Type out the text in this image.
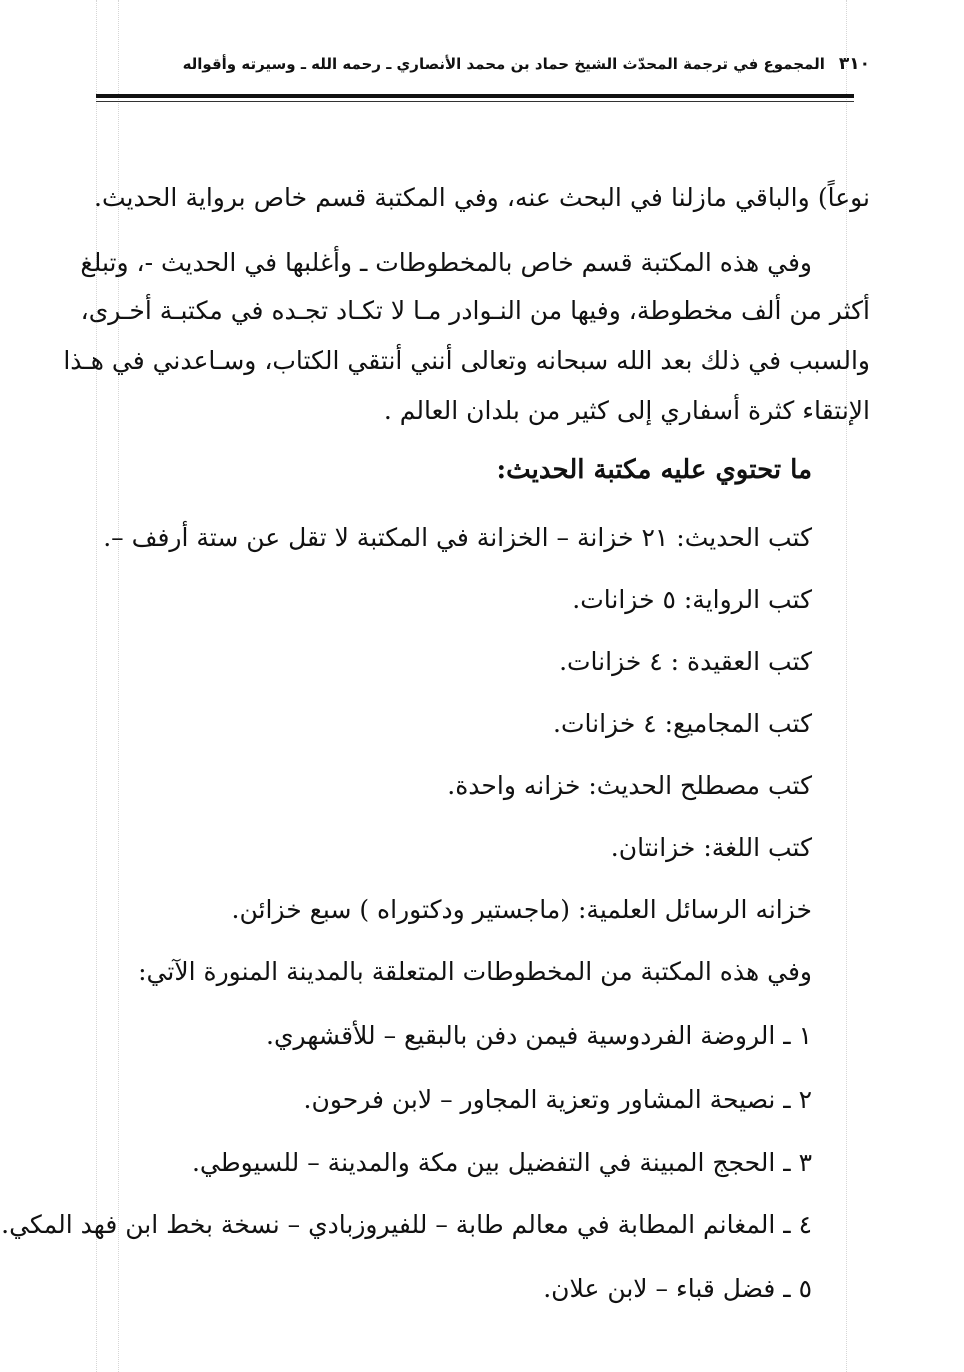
٣١٠
المجموع في ترجمة المحدّث الشيخ حماد بن محمد الأنصاري ـ رحمه الله ـ وسيرته وأقواله
نوعاً) والباقي مازلنا في البحث عنه، وفي المكتبة قسم خاص برواية الحديث.
وفي هذه المكتبة قسم خاص بالمخطوطات ـ وأغلبها في الحديث -، وتبلغ
أكثر من ألف مخطوطة، وفيها من النـوادر مـا لا تكـاد تجـده في مكتبـة أخـرى،
والسبب في ذلك بعد الله سبحانه وتعالى أنني أنتقي الكتاب، وسـاعدني في هـذا
الإنتقاء كثرة أسفاري إلى كثير من بلدان العالم .
ما تحتوي عليه مكتبة الحديث:
كتب الحديث: ٢١ خزانة – الخزانة في المكتبة لا تقل عن ستة أرفف –.
كتب الرواية: ٥ خزانات.
كتب العقيدة : ٤ خزانات.
كتب المجاميع: ٤ خزانات.
كتب مصطلح الحديث: خزانه واحدة.
كتب اللغة: خزانتان.
خزانه الرسائل العلمية: (ماجستير ودكتوراه ) سبع خزائن.
وفي هذه المكتبة من المخطوطات المتعلقة بالمدينة المنورة الآتي:
١ ـ الروضة الفردوسية فيمن دفن بالبقيع – للأقشهري.
٢ ـ نصيحة المشاور وتعزية المجاور – لابن فرحون.
٣ ـ الحجج المبينة في التفضيل بين مكة والمدينة – للسيوطي.
٤ ـ المغانم المطابة في معالم طابة – للفيروزبادي – نسخة بخط ابن فهد المكي.
٥ ـ فضل قباء – لابن علان.
